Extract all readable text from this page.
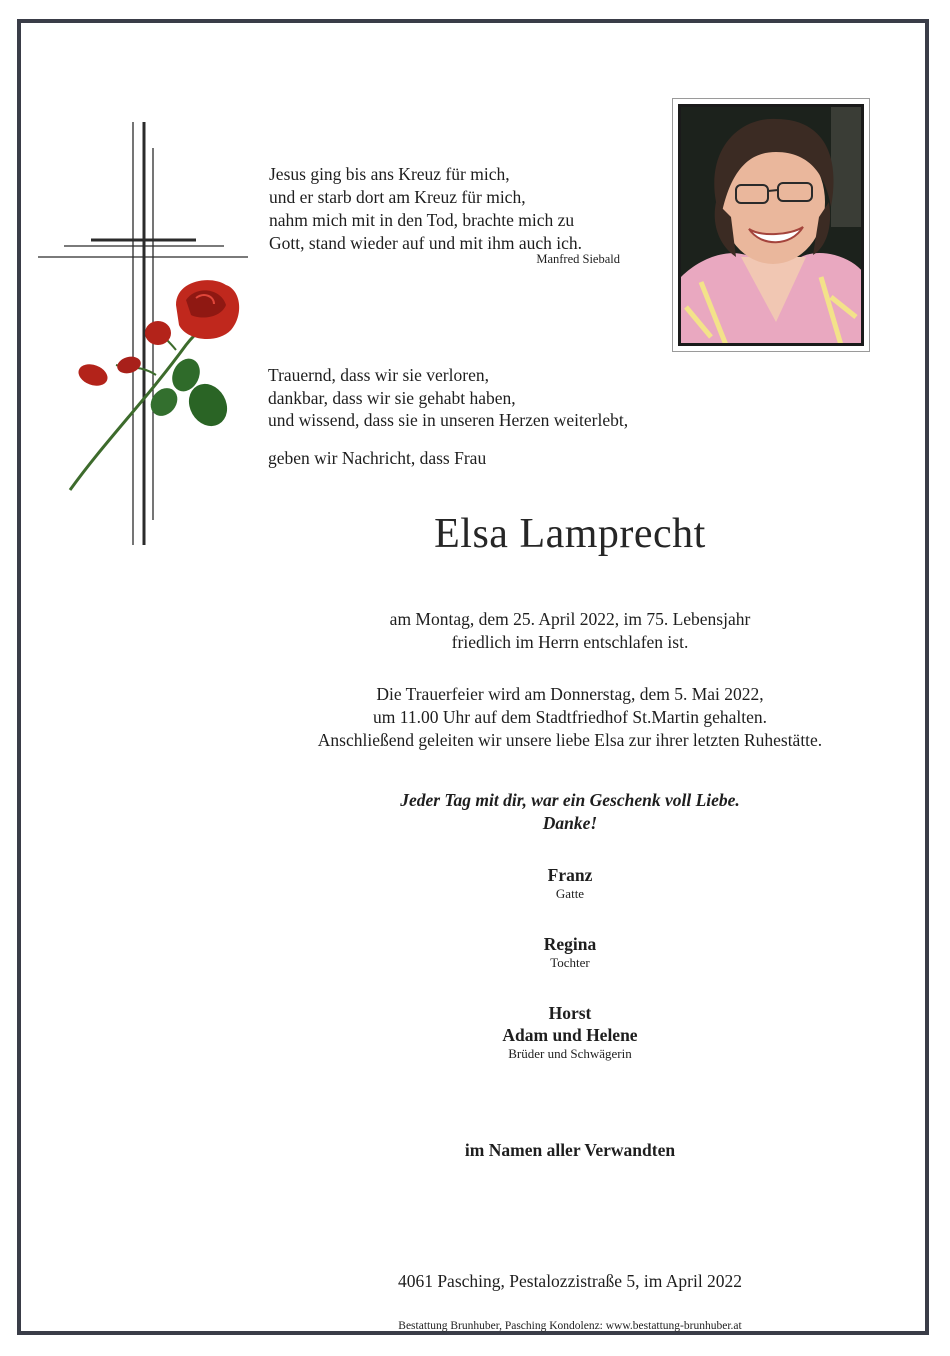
Jesus ging bis ans Kreuz für mich,
und er starb dort am Kreuz für mich,
nahm mich mit in den Tod, brachte mich zu
Gott, stand wieder auf und mit ihm auch ich.
Manfred Siebald
Trauernd, dass wir sie verloren,
dankbar, dass wir sie gehabt haben,
und wissend, dass sie in unseren Herzen weiterlebt,
geben wir Nachricht, dass Frau
Elsa Lamprecht
am Montag, dem 25. April 2022, im 75. Lebensjahr
friedlich im Herrn entschlafen ist.
Die Trauerfeier wird am Donnerstag, dem 5. Mai 2022,
um 11.00 Uhr auf dem Stadtfriedhof St.Martin gehalten.
Anschließend geleiten wir unsere liebe Elsa zur ihrer letzten Ruhestätte.
Jeder Tag mit dir, war ein Geschenk voll Liebe.
Danke!
Franz
Gatte
Regina
Tochter
Horst
Adam und Helene
Brüder und Schwägerin
im Namen aller Verwandten
4061 Pasching, Pestalozzistraße 5, im April 2022
Bestattung Brunhuber, Pasching Kondolenz: www.bestattung-brunhuber.at
